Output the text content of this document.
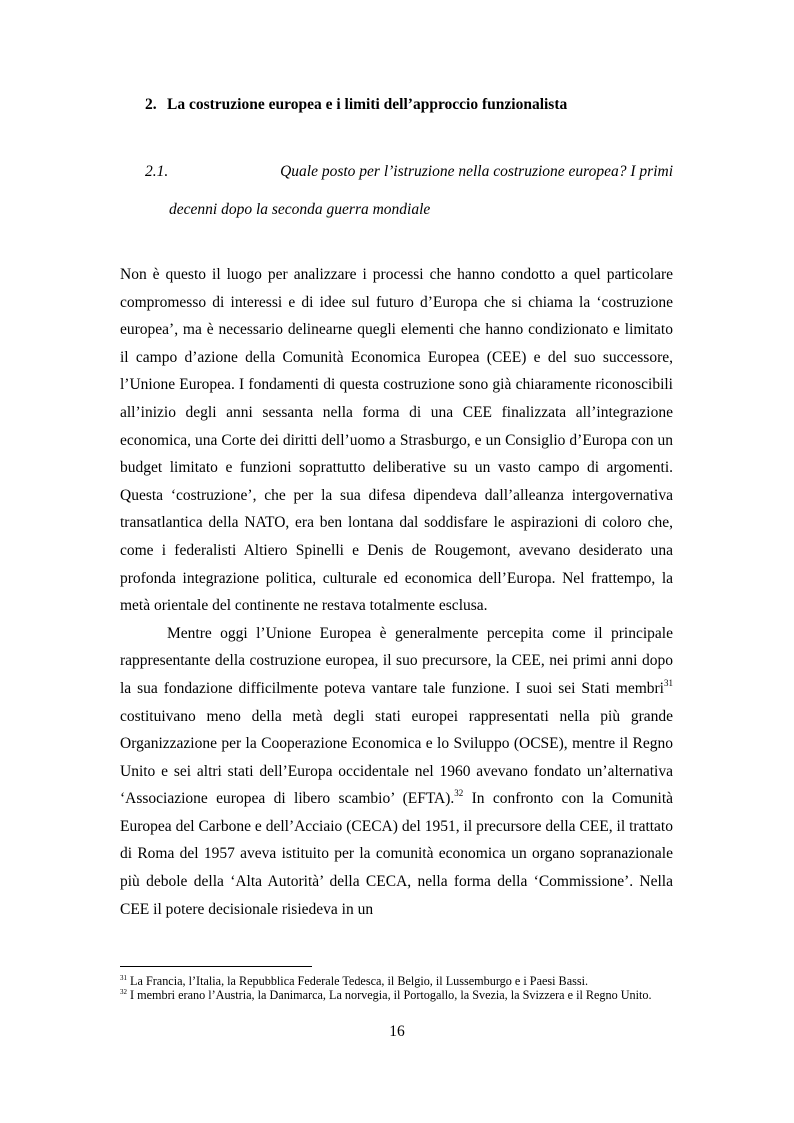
2. La costruzione europea e i limiti dell’approccio funzionalista
2.1.	Quale posto per l’istruzione nella costruzione europea? I primi
decenni dopo la seconda guerra mondiale

Non è questo il luogo per analizzare i processi che hanno condotto a quel particolare compromesso di interessi e di idee sul futuro d’Europa che si chiama la ‘costruzione europea’, ma è necessario delinearne quegli elementi che hanno condizionato e limitato il campo d’azione della Comunità Economica Europea (CEE) e del suo successore, l’Unione Europea. I fondamenti di questa costruzione sono già chiaramente riconoscibili all’inizio degli anni sessanta nella forma di una CEE finalizzata all’integrazione economica, una Corte dei diritti dell’uomo a Strasburgo, e un Consiglio d’Europa con un budget limitato e funzioni soprattutto deliberative su un vasto campo di argomenti. Questa ‘costruzione’, che per la sua difesa dipendeva dall’alleanza intergovernativa transatlantica della NATO, era ben lontana dal soddisfare le aspirazioni di coloro che, come i federalisti Altiero Spinelli e Denis de Rougemont, avevano desiderato una profonda integrazione politica, culturale ed economica dell’Europa. Nel frattempo, la metà orientale del continente ne restava totalmente esclusa.

Mentre oggi l’Unione Europea è generalmente percepita come il principale rappresentante della costruzione europea, il suo precursore, la CEE, nei primi anni dopo la sua fondazione difficilmente poteva vantare tale funzione. I suoi sei Stati membri$^{31}$ costituivano meno della metà degli stati europei rappresentati nella più grande Organizzazione per la Cooperazione Economica e lo Sviluppo (OCSE), mentre il Regno Unito e sei altri stati dell’Europa occidentale nel 1960 avevano fondato un’alternativa ‘Associazione europea di libero scambio’ (EFTA).$^{32}$ In confronto con la Comunità Europea del Carbone e dell’Acciaio (CECA) del 1951, il precursore della CEE, il trattato di Roma del 1957 aveva istituito per la comunità economica un organo sopranazionale più debole della ‘Alta Autorità’ della CECA, nella forma della ‘Commissione’. Nella CEE il potere decisionale risiedeva in un

$^{31}$ La Francia, l’Italia, la Repubblica Federale Tedesca, il Belgio, il Lussemburgo e i Paesi Bassi.

$^{32}$ I membri erano l’Austria, la Danimarca, La norvegia, il Portogallo, la Svezia, la Svizzera e il Regno Unito.

16
